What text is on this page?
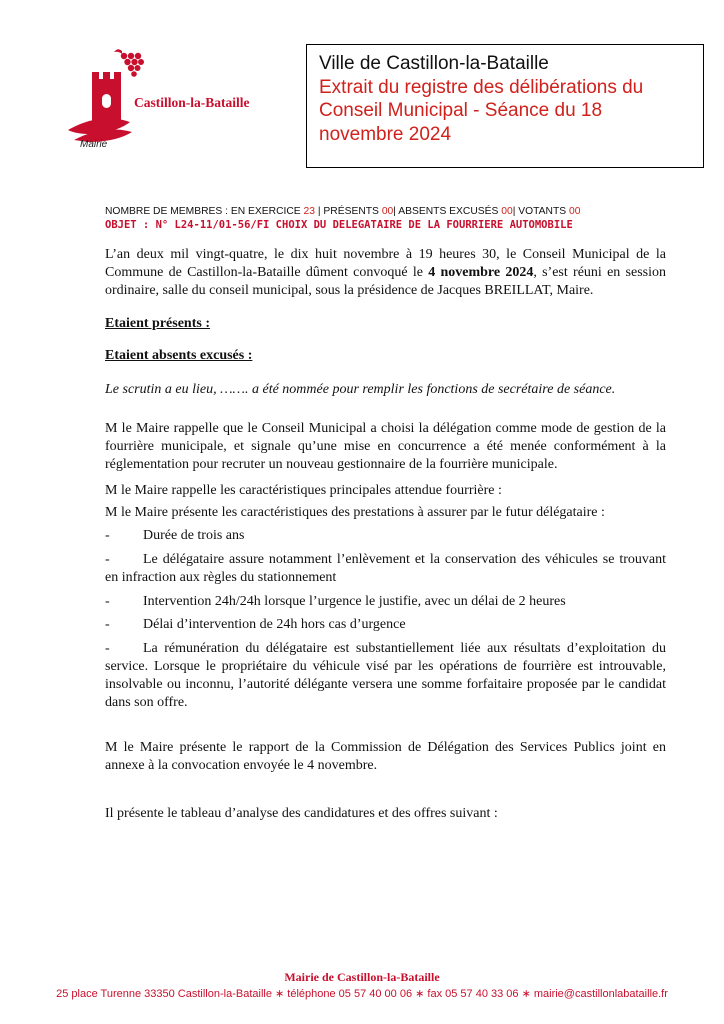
Castillon-la-Bataille
Mairie
Ville de Castillon-la-Bataille
Extrait du registre des délibérations du
Conseil Municipal - Séance du 18
novembre 2024
NOMBRE DE MEMBRES : EN EXERCICE 23 | PRÉSENTS 00| ABSENTS EXCUSÉS 00| VOTANTS 00
OBJET : N° L24-11/01-56/FI CHOIX DU DELEGATAIRE DE LA FOURRIERE AUTOMOBILE
L’an deux mil vingt-quatre, le dix huit novembre à 19 heures 30, le Conseil Municipal de la Commune de Castillon-la-Bataille dûment convoqué le 4 novembre 2024, s’est réuni en session ordinaire, salle du conseil municipal, sous la présidence de Jacques BREILLAT, Maire.
Etaient présents :
Etaient absents excusés :
Le scrutin a eu lieu, ……. a été nommée pour remplir les fonctions de secrétaire de séance.
M le Maire rappelle que le Conseil Municipal a choisi la délégation comme mode de gestion de la fourrière municipale, et signale qu’une mise en concurrence a été menée conformément à la réglementation pour recruter un nouveau gestionnaire de la fourrière municipale.
M le Maire rappelle les caractéristiques principales attendue fourrière :
M le Maire présente les caractéristiques des prestations à assurer par le futur délégataire :
-	Durée de trois ans
-	Le délégataire assure notamment l’enlèvement et la conservation des véhicules se trouvant en infraction aux règles du stationnement
-	Intervention 24h/24h lorsque l’urgence le justifie, avec un délai de 2 heures
-	Délai d’intervention de 24h hors cas d’urgence
-	La rémunération du délégataire est substantiellement liée aux résultats d’exploitation du service. Lorsque le propriétaire du véhicule visé par les opérations de fourrière est introuvable, insolvable ou inconnu, l’autorité délégante versera une somme forfaitaire proposée par le candidat dans son offre.
M le Maire présente le rapport de la Commission de Délégation des Services Publics joint en annexe à la convocation envoyée le 4 novembre.
Il présente le tableau d’analyse des candidatures et des offres suivant :
Mairie de Castillon-la-Bataille
25 place Turenne 33350 Castillon-la-Bataille ∗ téléphone 05 57 40 00 06 ∗ fax 05 57 40 33 06 ∗ mairie@castillonlabataille.fr
